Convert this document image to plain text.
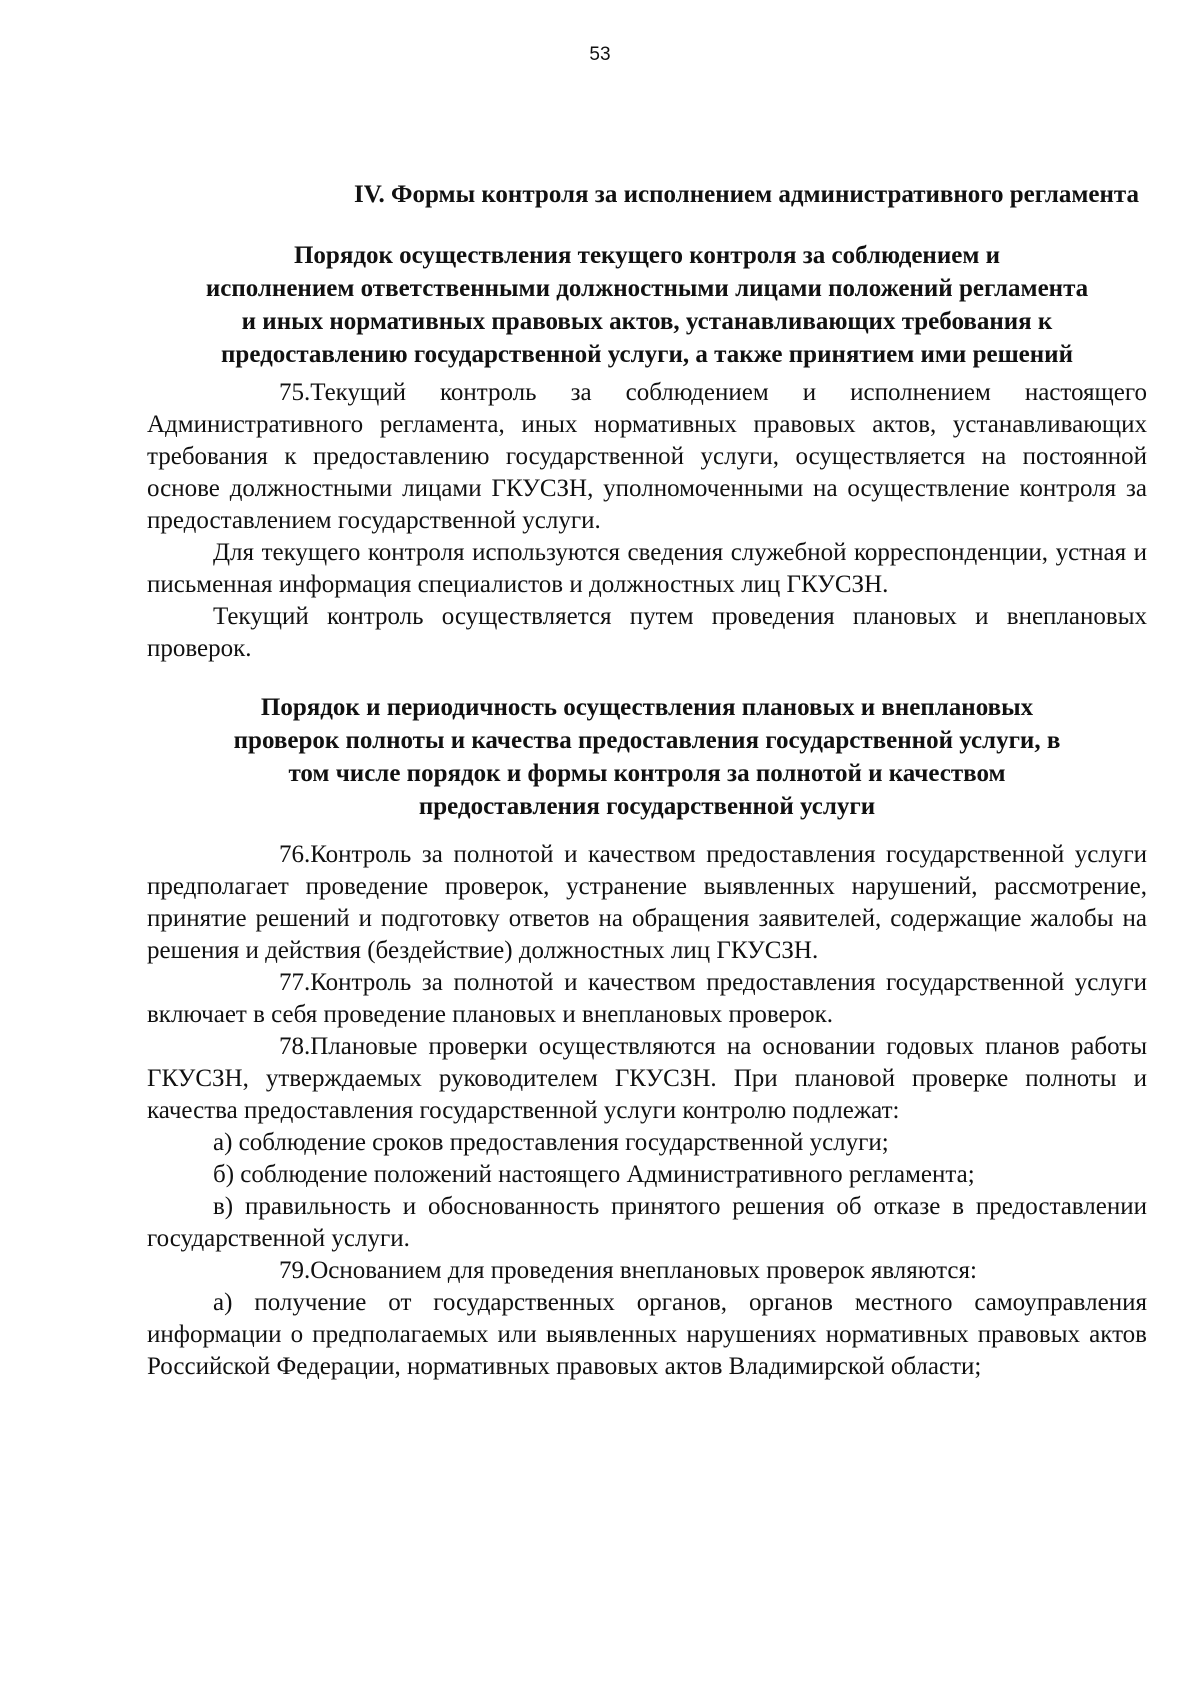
53
IV. Формы контроля за исполнением административного регламента
Порядок осуществления текущего контроля за соблюдением и
исполнением ответственными должностными лицами положений регламента
и иных нормативных правовых актов, устанавливающих требования к
предоставлению государственной услуги, а также принятием ими решений

75.Текущий контроль за соблюдением и исполнением настоящего Административного регламента, иных нормативных правовых актов, устанавливающих требования к предоставлению государственной услуги, осуществляется на постоянной основе должностными лицами ГКУСЗН, уполномоченными на осуществление контроля за предоставлением государственной услуги.

Для текущего контроля используются сведения служебной корреспонденции, устная и письменная информация специалистов и должностных лиц ГКУСЗН.

Текущий контроль осуществляется путем проведения плановых и внеплановых проверок.

Порядок и периодичность осуществления плановых и внеплановых
проверок полноты и качества предоставления государственной услуги, в
том числе порядок и формы контроля за полнотой и качеством
предоставления государственной услуги

76.Контроль за полнотой и качеством предоставления государственной услуги предполагает проведение проверок, устранение выявленных нарушений, рассмотрение, принятие решений и подготовку ответов на обращения заявителей, содержащие жалобы на решения и действия (бездействие) должностных лиц ГКУСЗН.

77.Контроль за полнотой и качеством предоставления государственной услуги включает в себя проведение плановых и внеплановых проверок.

78.Плановые проверки осуществляются на основании годовых планов работы ГКУСЗН, утверждаемых руководителем ГКУСЗН. При плановой проверке полноты и качества предоставления государственной услуги контролю подлежат:

а) соблюдение сроков предоставления государственной услуги;

б) соблюдение положений настоящего Административного регламента;

в) правильность и обоснованность принятого решения об отказе в предоставлении государственной услуги.

79.Основанием для проведения внеплановых проверок являются:

а) получение от государственных органов, органов местного самоуправления информации о предполагаемых или выявленных нарушениях нормативных правовых актов Российской Федерации, нормативных правовых актов Владимирской области;
